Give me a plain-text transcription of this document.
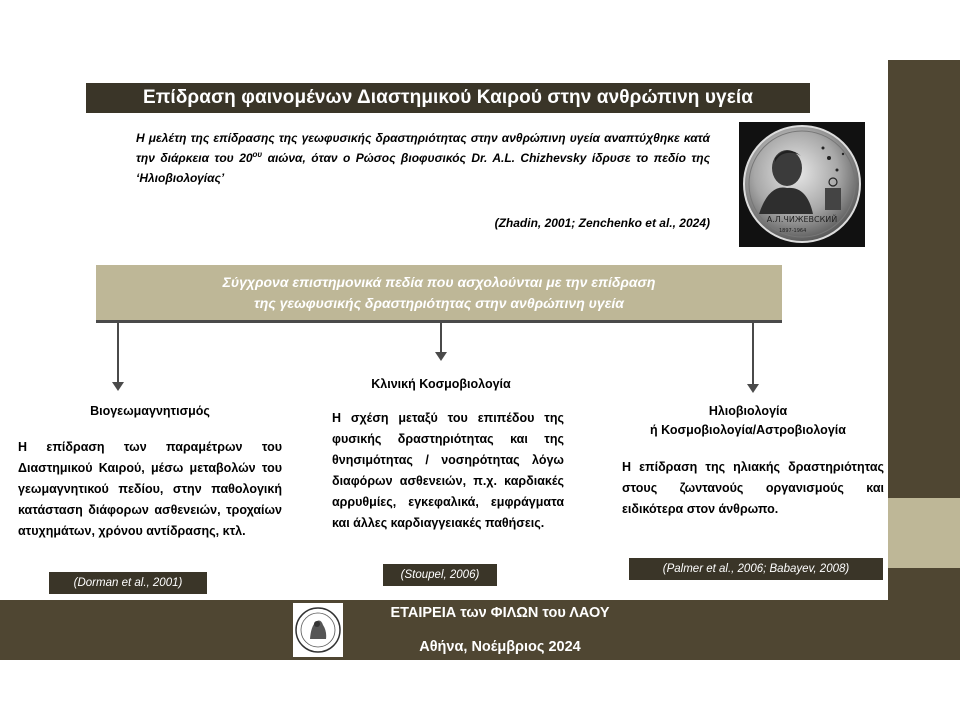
Επίδραση φαινομένων Διαστημικού Καιρού στην ανθρώπινη υγεία
Η μελέτη της επίδρασης της γεωφυσικής δραστηριότητας στην ανθρώπινη υγεία αναπτύχθηκε κατά την διάρκεια του $20^{o\upsilon}$ αιώνα, όταν ο Ρώσος βιοφυσικός Dr. A.L. Chizhevsky ίδρυσε το πεδίο της ‘Ηλιοβιολογίας’
(Zhadin, 2001; Zenchenko et al., 2024)	А.Л.ЧИЖЕВСКИЙ
1897-1964
Σύγχρονα επιστημονικά πεδία που ασχολούνται με την επίδραση
της γεωφυσικής δραστηριότητας στην ανθρώπινη υγεία
Βιογεωμαγνητισμός
Η επίδραση των παραμέτρων του Διαστημικού Καιρού, μέσω μεταβολών του γεωμαγνητικού πεδίου, στην παθολογική κατάσταση διάφορων ασθενειών, τροχαίων ατυχημάτων, χρόνου αντίδρασης, κτλ.
(Dorman et al., 2001)
Κλινική Κοσμοβιολογία
Η σχέση μεταξύ του επιπέδου της φυσικής δραστηριότητας και της θνησιμότητας / νοσηρότητας λόγω διαφόρων ασθενειών, π.χ. καρδιακές αρρυθμίες, εγκεφαλικά, εμφράγματα και άλλες καρδιαγγειακές παθήσεις.
(Stoupel, 2006)
Ηλιοβιολογία
ή Κοσμοβιολογία/Αστροβιολογία
Η επίδραση της ηλιακής δραστηριότητας στους ζωντανούς οργανισμούς και ειδικότερα στον άνθρωπο.
(Palmer et al., 2006; Babayev, 2008)
ΕΤΑΙΡΕΙΑ των ΦΙΛΩΝ του ΛΑΟΥ
Αθήνα, Νοέμβριος 2024
